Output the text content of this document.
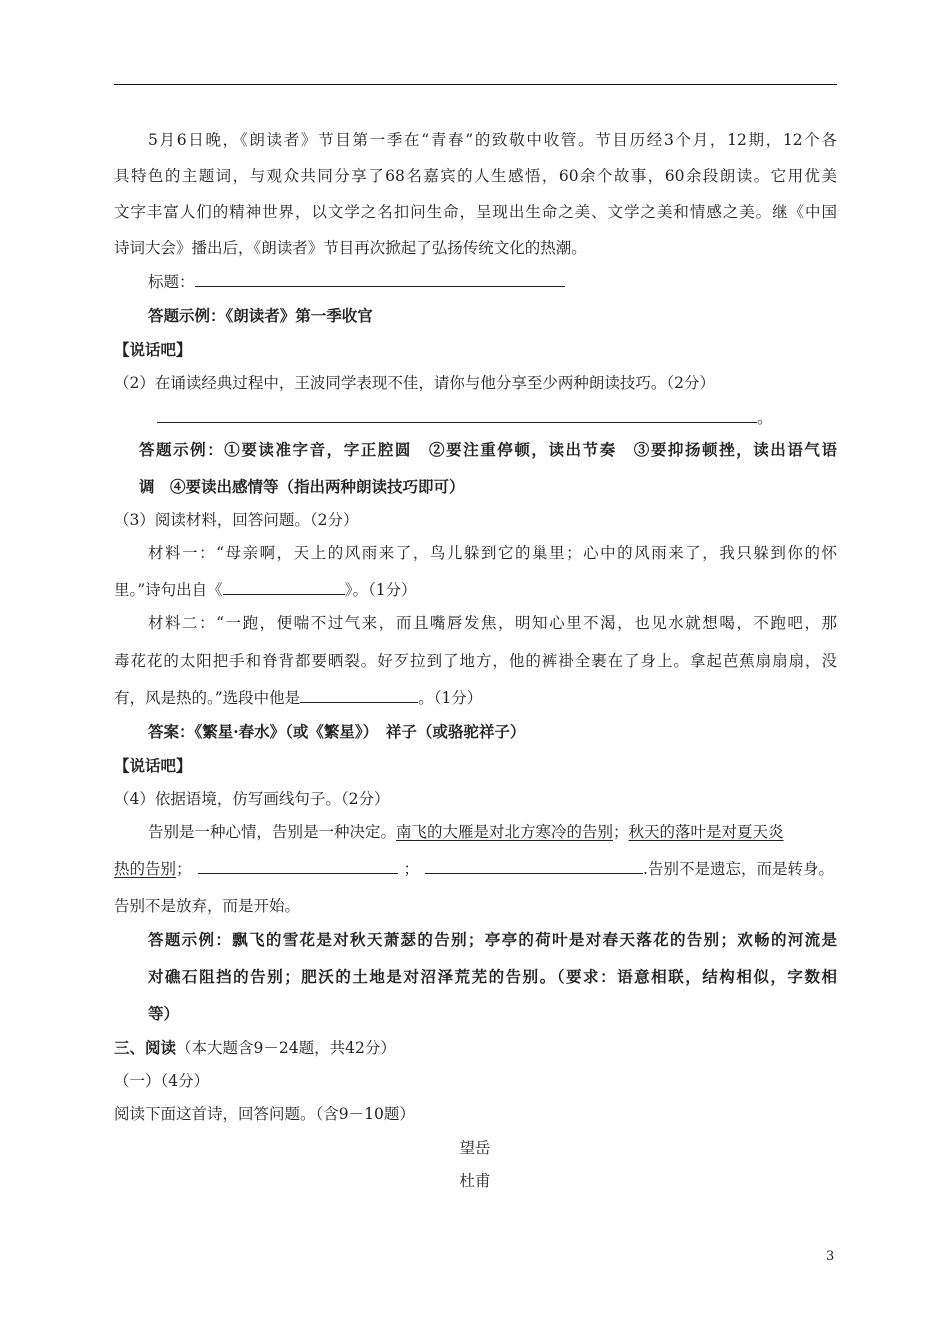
5月6日晚，《朗读者》节目第一季在“青春”的致敬中收管。节目历经3个月，12期，12个各
具特色的主题词，与观众共同分享了68名嘉宾的人生感悟，60余个故事，60余段朗读。它用优美
文字丰富人们的精神世界，以文学之名扣问生命，呈现出生命之美、文学之美和情感之美。继《中国
诗词大会》播出后，《朗读者》节目再次掀起了弘扬传统文化的热潮。
标题：
答题示例：《朗读者》第一季收官
【说话吧】
（2）在诵读经典过程中，王波同学表现不佳，请你与他分享至少两种朗读技巧。（2分）
。
答题示例：①要读准字音，字正腔圆　②要注重停顿，读出节奏　③要抑扬顿挫，读出语气语
调　④要读出感情等（指出两种朗读技巧即可）
（3）阅读材料，回答问题。（2分）
材料一：“母亲啊，天上的风雨来了，鸟儿躲到它的巢里；心中的风雨来了，我只躲到你的怀
里。”诗句出自《	》。（1分）
材料二：“一跑，便喘不过气来，而且嘴唇发焦，明知心里不渴，也见水就想喝，不跑吧，那
毒花花的太阳把手和脊背都要晒裂。好歹拉到了地方，他的裤褂全裹在了身上。拿起芭蕉扇扇扇，没
有，风是热的。”选段中他是	。（1分）
答案：《繁星·春水》（或《繁星》）　祥子（或骆驼祥子）
【说话吧】
（4）依据语境，仿写画线句子。（2分）
告别是一种心情，告别是一种决定。南飞的大雁是对北方寒冷的告别；秋天的落叶是对夏天炎
热的告别；	；	.告别不是遗忘，而是转身。
告别不是放弃，而是开始。
答题示例：飘飞的雪花是对秋天萧瑟的告别；亭亭的荷叶是对春天落花的告别；欢畅的河流是
对礁石阻挡的告别；肥沃的土地是对沼泽荒芜的告别。（要求：语意相联，结构相似，字数相
等）
三、阅读（本大题含9－24题，共42分）
（一）（4分）
阅读下面这首诗，回答问题。（含9－10题）
望岳
杜甫
3
